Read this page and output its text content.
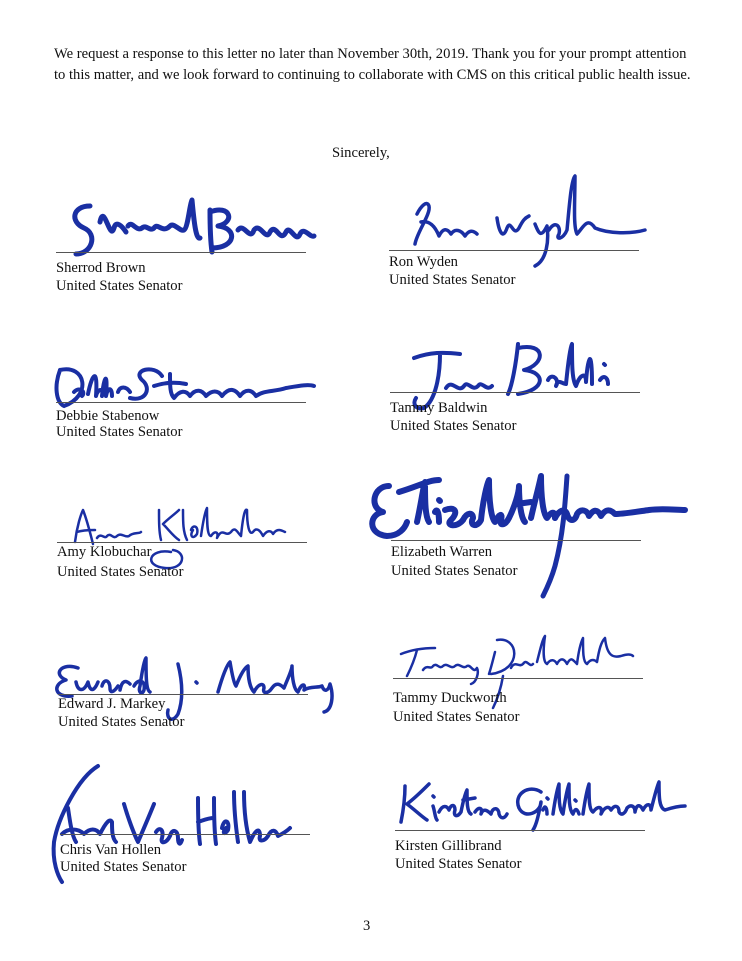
We request a response to this letter no later than November 30th, 2019. Thank you for your prompt attention to this matter, and we look forward to continuing to collaborate with CMS on this critical public health issue.

Sincerely,
Sherrod Brown
United States Senator
Ron Wyden
United States Senator
Debbie Stabenow
United States Senator
Tammy Baldwin
United States Senator
Amy Klobuchar
United States Senator
Elizabeth Warren
United States Senator
Edward J. Markey
United States Senator
Tammy Duckworth
United States Senator
Chris Van Hollen
United States Senator
Kirsten Gillibrand
United States Senator
3
